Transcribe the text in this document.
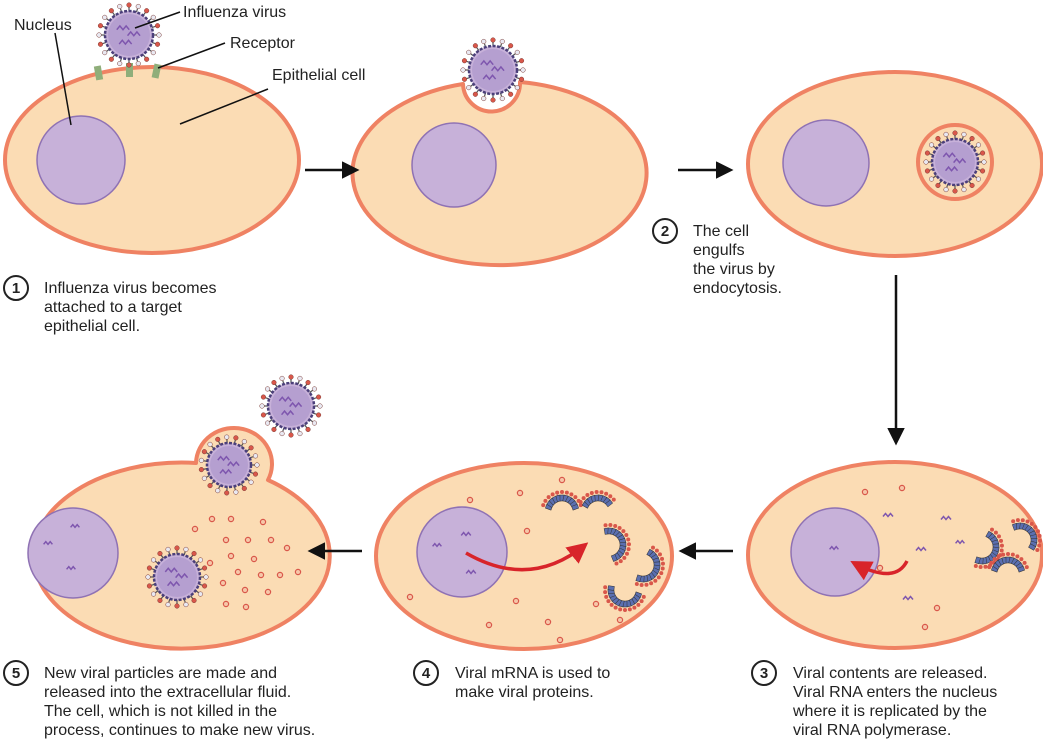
Nucleus
Influenza virus
Receptor
Epithelial cell
1	Influenza virus becomes
attached to a target
epithelial cell.
2	The cell
engulfs
the virus by
endocytosis.
3	Viral contents are released.
Viral RNA enters the nucleus
where it is replicated by the
viral RNA polymerase.
4	Viral mRNA is used to
make viral proteins.
5	New viral particles are made and
released into the extracellular fluid.
The cell, which is not killed in the
process, continues to make new virus.
